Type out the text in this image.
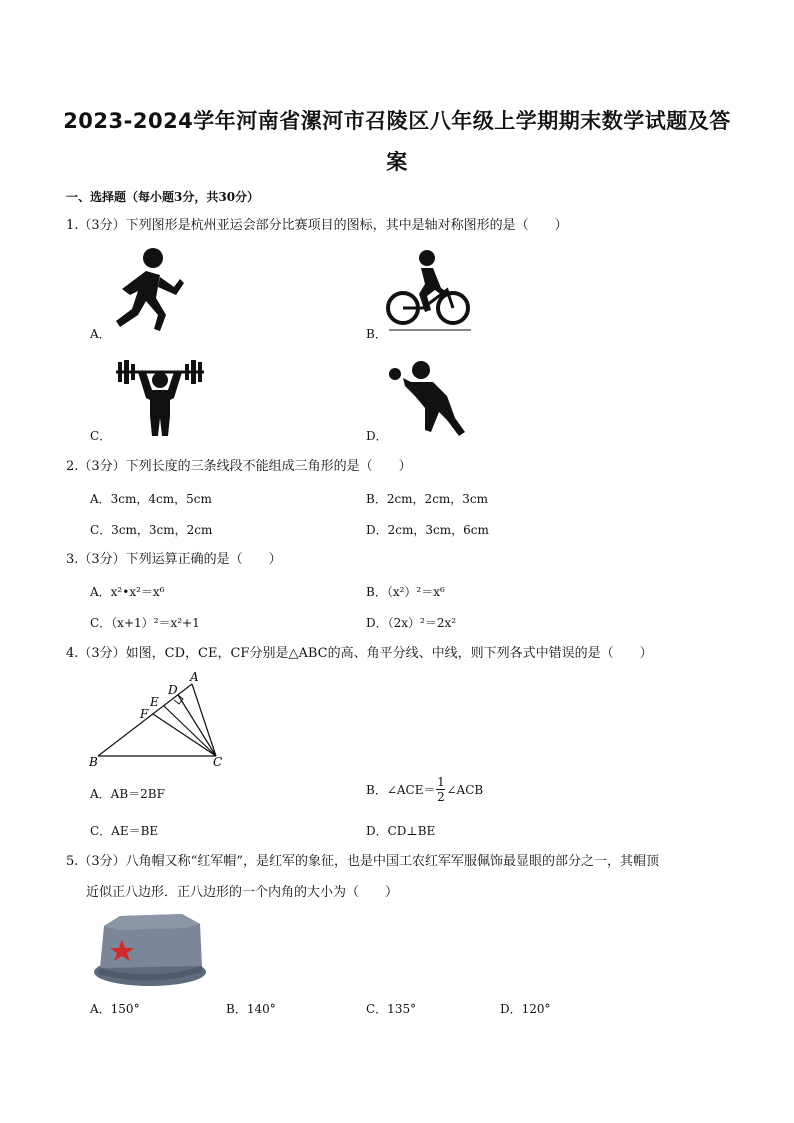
2023-2024学年河南省漯河市召陵区八年级上学期期末数学试题及答
案
一、选择题（每小题3分，共30分）
1.（3分）下列图形是杭州亚运会部分比赛项目的图标，其中是轴对称图形的是（　　）
A．	B．
C．	D．
2.（3分）下列长度的三条线段不能组成三角形的是（　　）
A．3cm，4cm，5cm	B．2cm，2cm，3cm
C．3cm，3cm，2cm	D．2cm，3cm，6cm
3.（3分）下列运算正确的是（　　）
A．x²•x²＝x⁶	B．（x²）²＝x⁶
C．（x+1）²＝x²+1	D．（2x）²＝2x²
4.（3分）如图，CD，CE，CF分别是△ABC的高、角平分线、中线，则下列各式中错误的是（　　）
A
B	C
D
E
F
A．AB＝2BF	B．∠ACE＝
1
2
∠ACB
C．AE＝BE	D．CD⊥BE
5.（3分）八角帽又称“红军帽”，是红军的象征，也是中国工农红军军服佩饰最显眼的部分之一，其帽顶
近似正八边形．正八边形的一个内角的大小为（　　）
A．150°	B．140°	C．135°	D．120°
